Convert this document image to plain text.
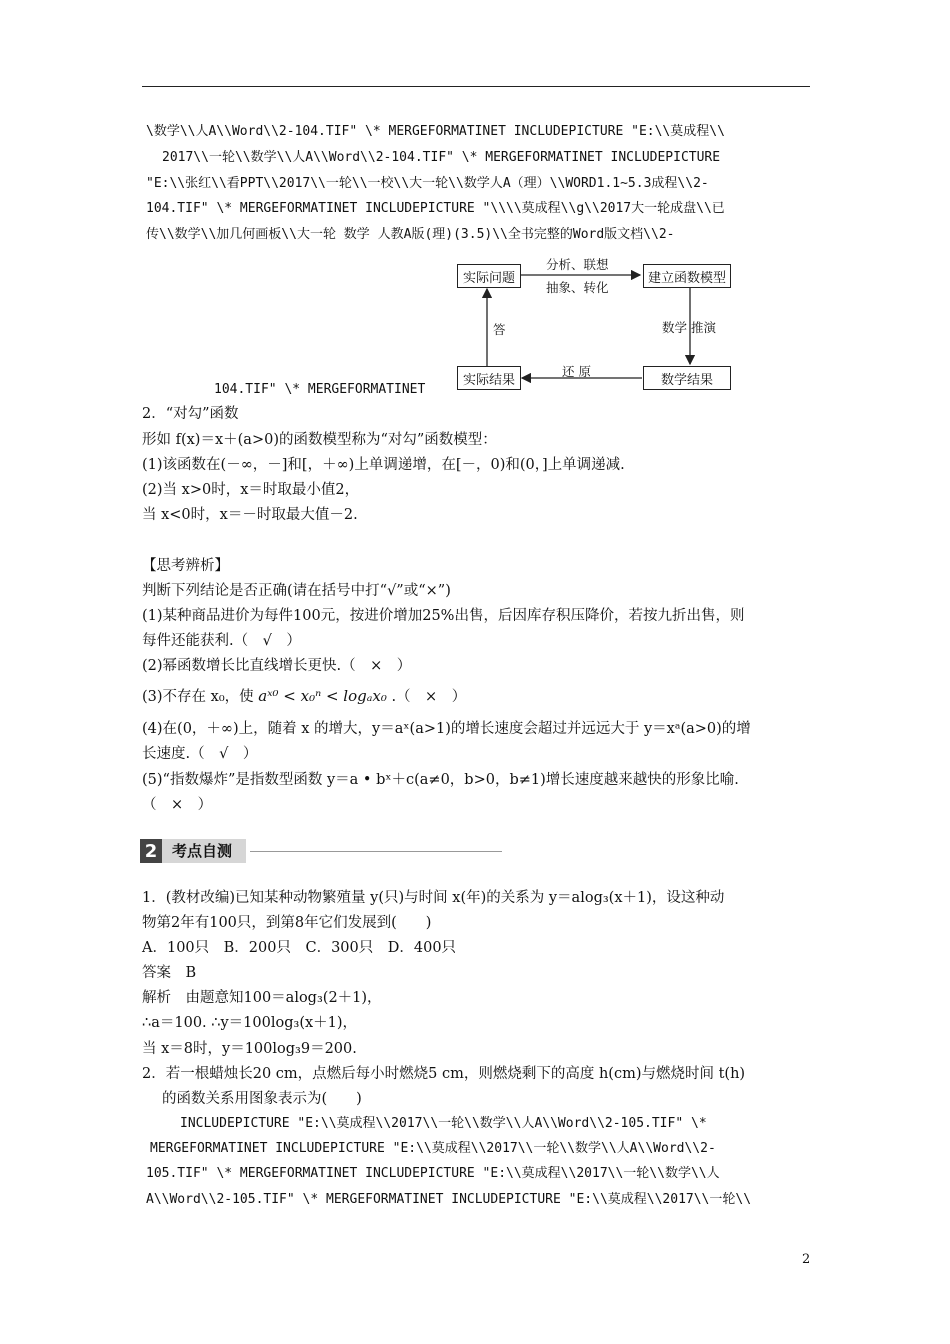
\数学\\人A\\Word\\2-104.TIF" \* MERGEFORMATINET INCLUDEPICTURE "E:\\莫成程\\
2017\\一轮\\数学\\人A\\Word\\2-104.TIF" \* MERGEFORMATINET INCLUDEPICTURE
"E:\\张红\\看PPT\\2017\\一轮\\一校\\大一轮\\数学人A（理）\\WORD1.1~5.3成程\\2-
104.TIF" \* MERGEFORMATINET INCLUDEPICTURE "\\\\莫成程\\g\\2017大一轮成盘\\已
传\\数学\\加几何画板\\大一轮 数学 人教A版(理)(3.5)\\全书完整的Word版文档\\2-
实际问题	建立函数模型
数学结果
实际结果
分析、联想
抽象、转化
数学 推演
还 原
答
104.TIF" \* MERGEFORMATINET
2．“对勾”函数
形如 f(x)＝x＋(a>0)的函数模型称为“对勾”函数模型：
(1)该函数在(－∞，－]和[，＋∞)上单调递增，在[－，0)和(0，]上单调递减.
(2)当 x>0时，x＝时取最小值2，
当 x<0时，x＝－时取最大值－2.
【思考辨析】
判断下列结论是否正确(请在括号中打“√”或“×”)
(1)某种商品进价为每件100元，按进价增加25%出售，后因库存积压降价，若按九折出售，则
每件还能获利.（　√　）
(2)幂函数增长比直线增长更快.（　×　）
(3)不存在 x₀，使 aˣ⁰ < x₀ⁿ < logₐx₀ .（　×　）
(4)在(0，＋∞)上，随着 x 的增大，y＝aˣ(a>1)的增长速度会超过并远远大于 y＝xᵃ(a>0)的增
长速度.（　√　）
(5)“指数爆炸”是指数型函数 y＝a • bˣ＋c(a≠0，b>0，b≠1)增长速度越来越快的形象比喻.
（　×　）
2 考点自测
1．(教材改编)已知某种动物繁殖量 y(只)与时间 x(年)的关系为 y＝alog₃(x＋1)，设这种动
物第2年有100只，到第8年它们发展到(　　)
A．100只　B．200只　C．300只　D．400只
答案　B
解析　由题意知100＝alog₃(2＋1)，
∴a＝100. ∴y＝100log₃(x＋1)，
当 x＝8时，y＝100log₃9＝200.
2．若一根蜡烛长20 cm，点燃后每小时燃烧5 cm，则燃烧剩下的高度 h(cm)与燃烧时间 t(h)
的函数关系用图象表示为(　　)
INCLUDEPICTURE "E:\\莫成程\\2017\\一轮\\数学\\人A\\Word\\2-105.TIF" \*
MERGEFORMATINET INCLUDEPICTURE "E:\\莫成程\\2017\\一轮\\数学\\人A\\Word\\2-
105.TIF" \* MERGEFORMATINET INCLUDEPICTURE "E:\\莫成程\\2017\\一轮\\数学\\人
A\\Word\\2-105.TIF" \* MERGEFORMATINET INCLUDEPICTURE "E:\\莫成程\\2017\\一轮\\
2
